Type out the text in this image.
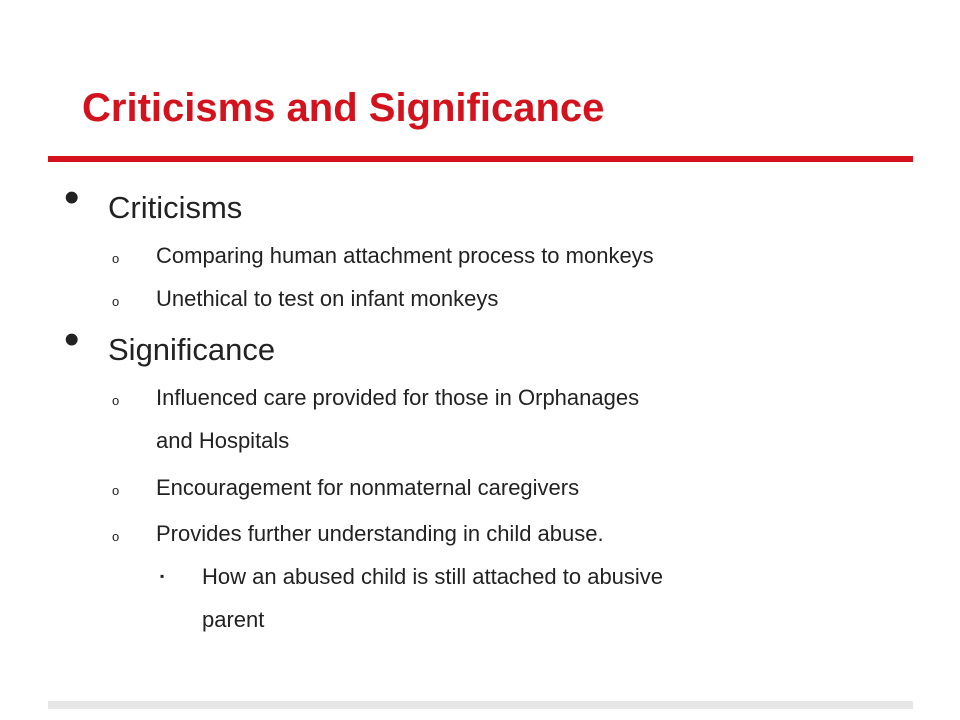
Criticisms and Significance
• Criticisms
o Comparing human attachment process to monkeys
o Unethical to test on infant monkeys
• Significance
o Influenced care provided for those in Orphanages
and Hospitals
o Encouragement for nonmaternal caregivers
o Provides further understanding in child abuse.
▪ How an abused child is still attached to abusive
parent
